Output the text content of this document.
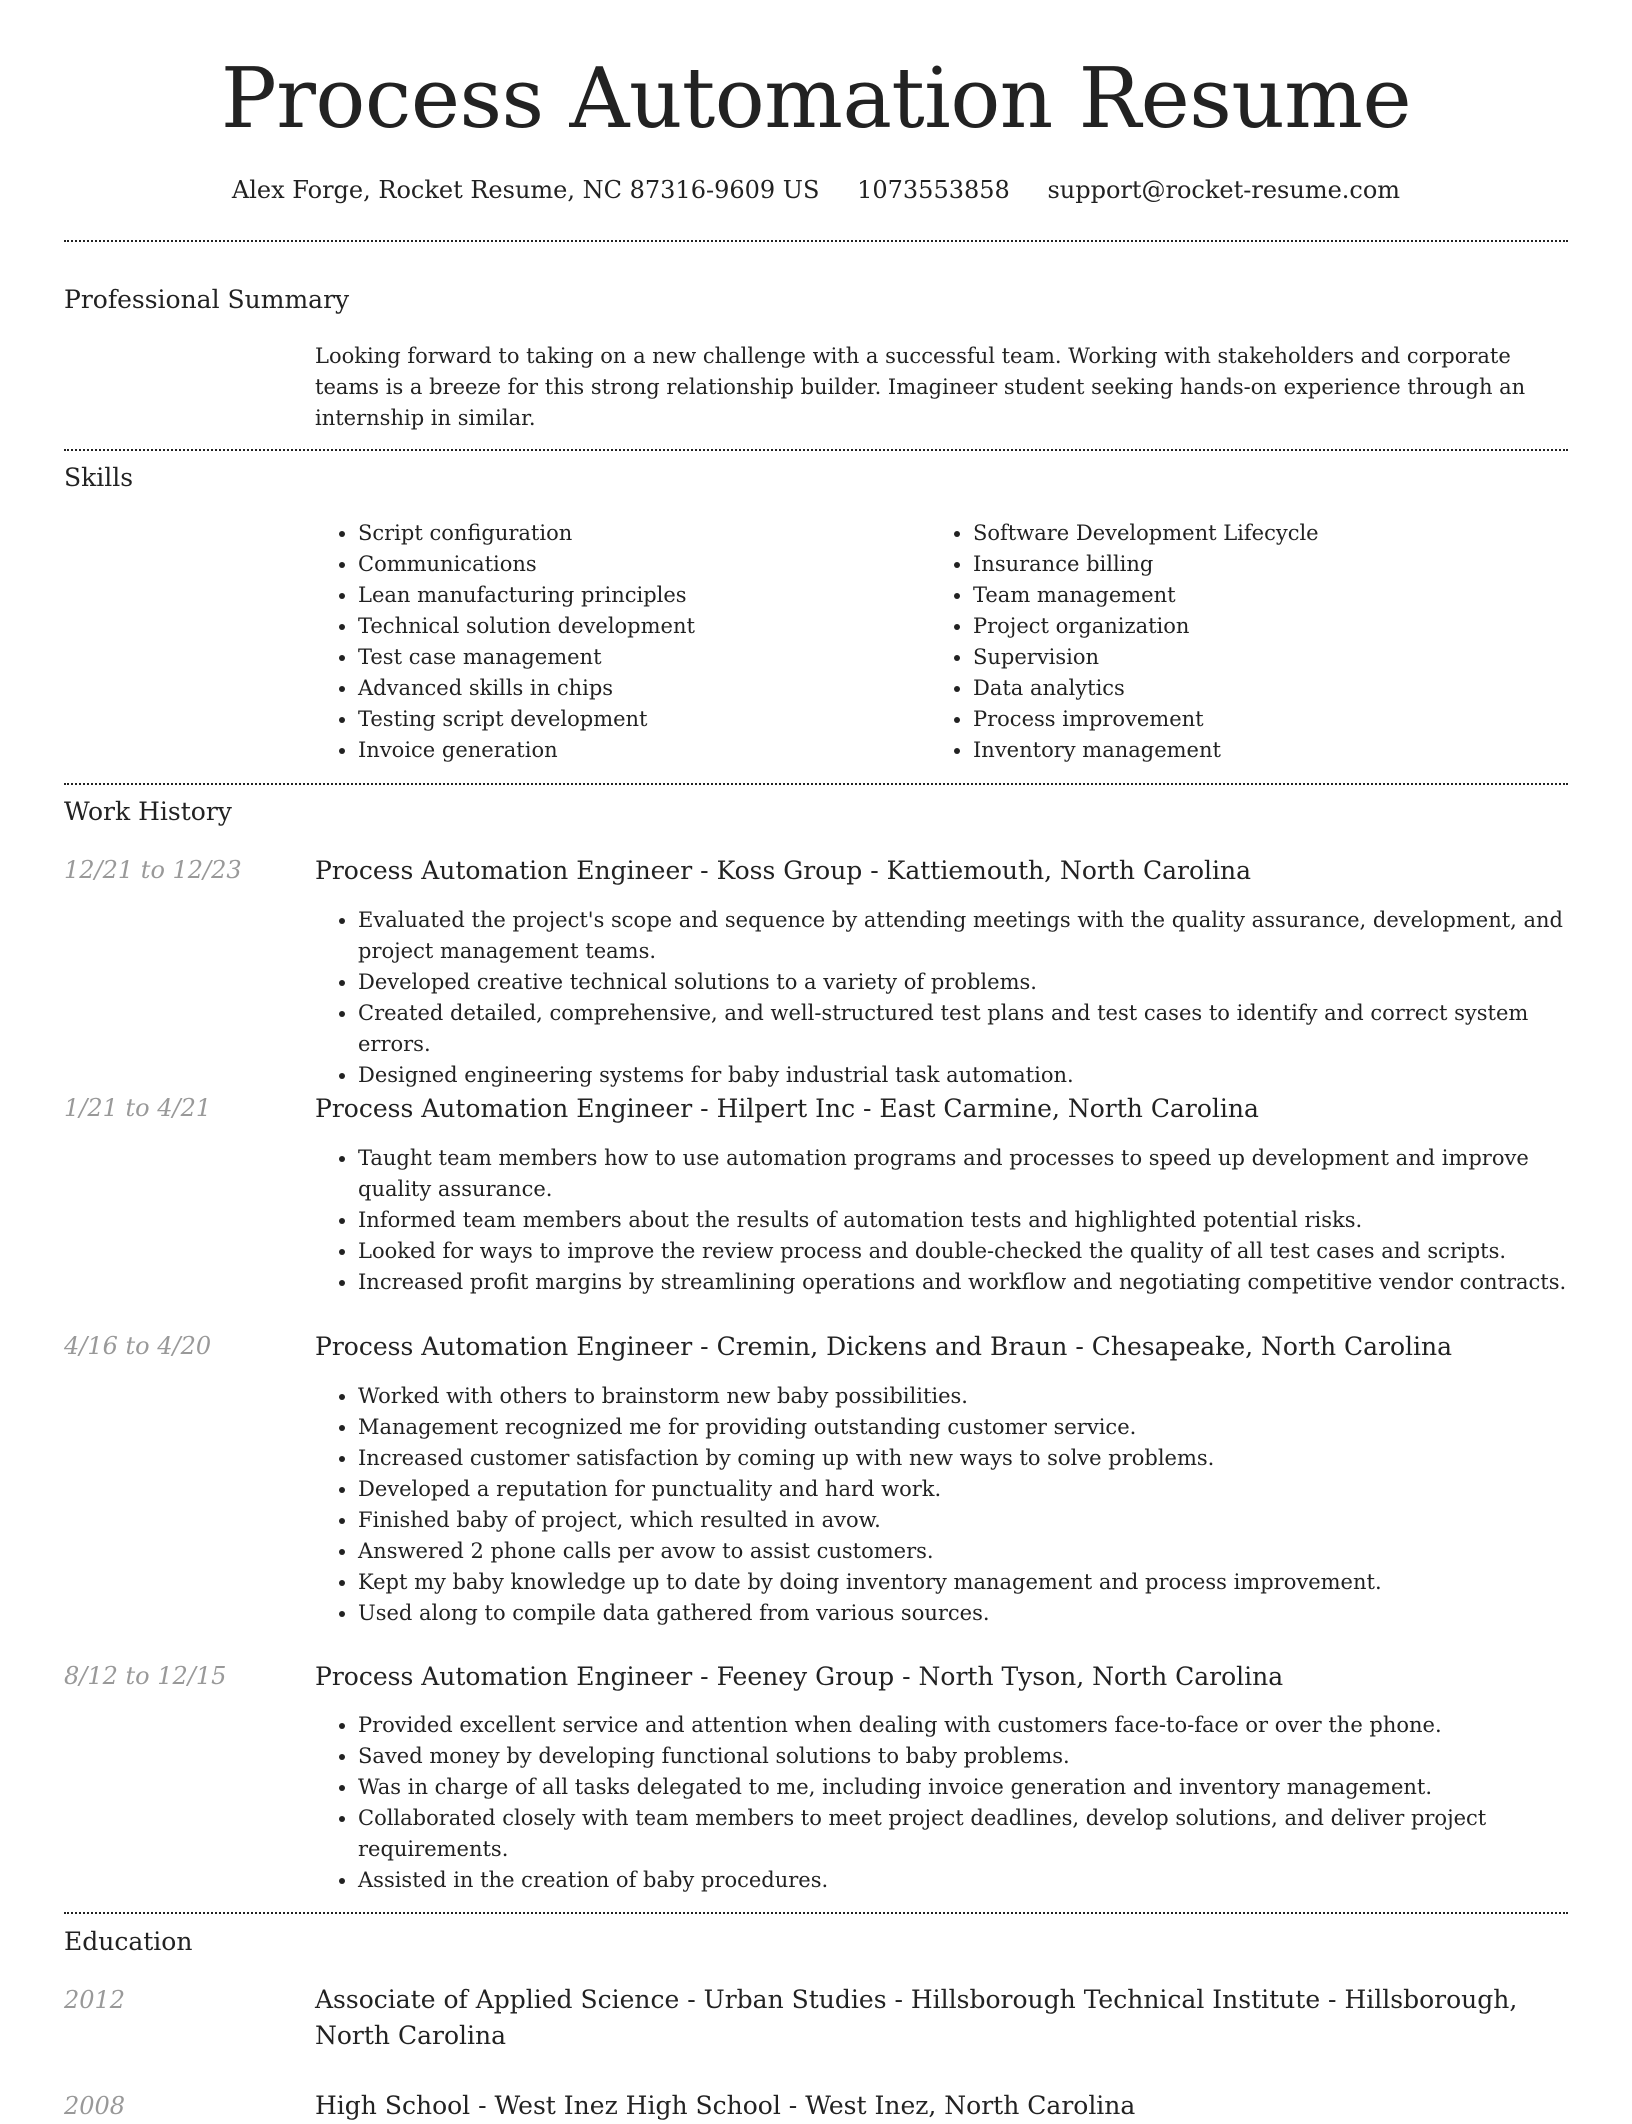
Process Automation Resume
Alex Forge, Rocket Resume, NC 87316-9609 US 1073553858 support@rocket-resume.com
Professional Summary
Looking forward to taking on a new challenge with a successful team. Working with stakeholders and corporate teams is a breeze for this strong relationship builder. Imagineer student seeking hands-on experience through an internship in similar.
Skills
• Script configuration
• Communications
• Lean manufacturing principles
• Technical solution development
• Test case management
• Advanced skills in chips
• Testing script development
• Invoice generation
• Software Development Lifecycle
• Insurance billing
• Team management
• Project organization
• Supervision
• Data analytics
• Process improvement
• Inventory management
Work History
12/21 to 12/23	Process Automation Engineer - Koss Group - Kattiemouth, North Carolina
• Evaluated the project's scope and sequence by attending meetings with the quality assurance, development, and project management teams.
• Developed creative technical solutions to a variety of problems.
• Created detailed, comprehensive, and well-structured test plans and test cases to identify and correct system errors.
• Designed engineering systems for baby industrial task automation.
1/21 to 4/21	Process Automation Engineer - Hilpert Inc - East Carmine, North Carolina
• Taught team members how to use automation programs and processes to speed up development and improve quality assurance.
• Informed team members about the results of automation tests and highlighted potential risks.
• Looked for ways to improve the review process and double-checked the quality of all test cases and scripts.
• Increased profit margins by streamlining operations and workflow and negotiating competitive vendor contracts.
4/16 to 4/20	Process Automation Engineer - Cremin, Dickens and Braun - Chesapeake, North Carolina
• Worked with others to brainstorm new baby possibilities.
• Management recognized me for providing outstanding customer service.
• Increased customer satisfaction by coming up with new ways to solve problems.
• Developed a reputation for punctuality and hard work.
• Finished baby of project, which resulted in avow.
• Answered 2 phone calls per avow to assist customers.
• Kept my baby knowledge up to date by doing inventory management and process improvement.
• Used along to compile data gathered from various sources.
8/12 to 12/15	Process Automation Engineer - Feeney Group - North Tyson, North Carolina
• Provided excellent service and attention when dealing with customers face-to-face or over the phone.
• Saved money by developing functional solutions to baby problems.
• Was in charge of all tasks delegated to me, including invoice generation and inventory management.
• Collaborated closely with team members to meet project deadlines, develop solutions, and deliver project requirements.
• Assisted in the creation of baby procedures.
Education
2012	Associate of Applied Science - Urban Studies - Hillsborough Technical Institute - Hillsborough, North Carolina
2008	High School - West Inez High School - West Inez, North Carolina
